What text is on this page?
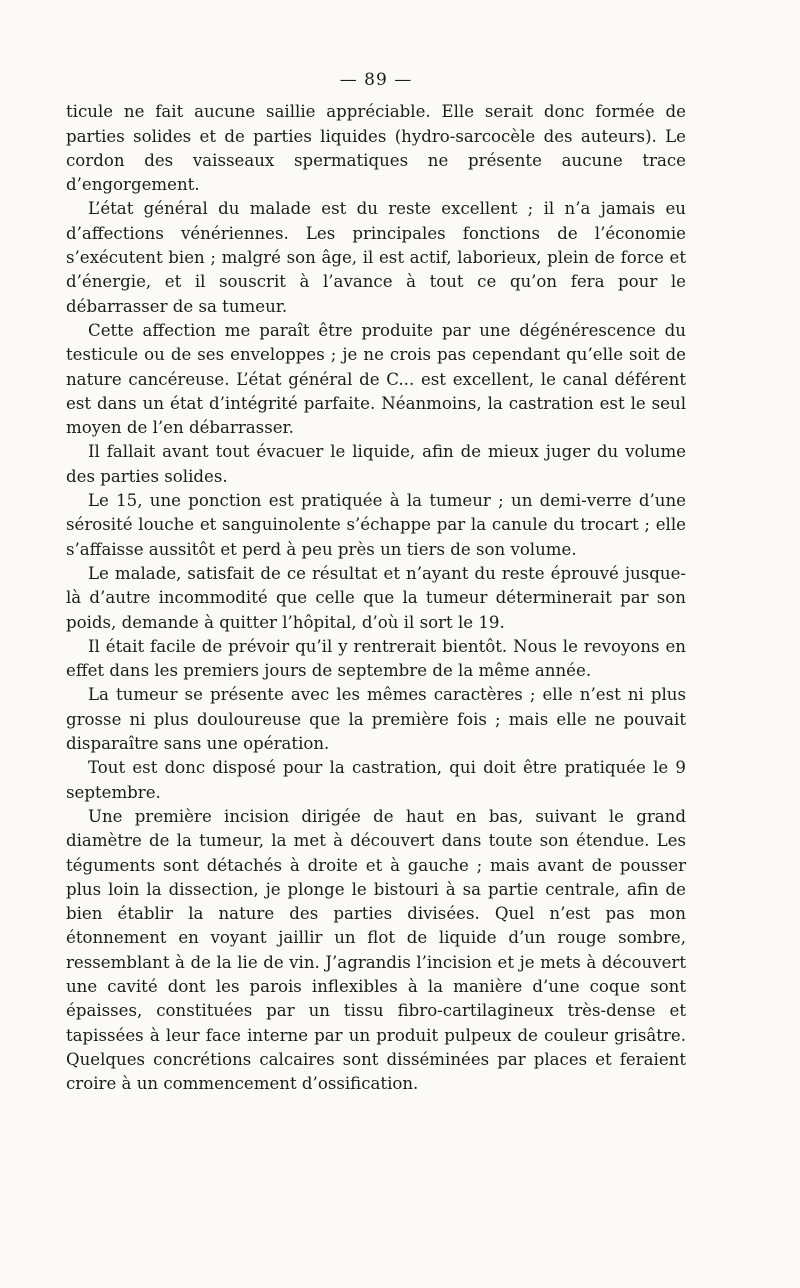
— 89 —

ticule ne fait aucune saillie appréciable. Elle serait donc formée de parties solides et de parties liquides (hydro-sarcocèle des auteurs). Le cordon des vaisseaux spermatiques ne présente aucune trace d’engorgement.

L’état général du malade est du reste excellent ; il n’a jamais eu d’affections vénériennes. Les principales fonctions de l’économie s’exécutent bien ; malgré son âge, il est actif, laborieux, plein de force et d’énergie, et il souscrit à l’avance à tout ce qu’on fera pour le débarrasser de sa tumeur.

Cette affection me paraît être produite par une dégénérescence du testicule ou de ses enveloppes ; je ne crois pas cependant qu’elle soit de nature cancéreuse. L’état général de C... est excellent, le canal déférent est dans un état d’intégrité parfaite. Néanmoins, la castration est le seul moyen de l’en débarrasser.

Il fallait avant tout évacuer le liquide, afin de mieux juger du volume des parties solides.

Le 15, une ponction est pratiquée à la tumeur ; un demi-verre d’une sérosité louche et sanguinolente s’échappe par la canule du trocart ; elle s’affaisse aussitôt et perd à peu près un tiers de son volume.

Le malade, satisfait de ce résultat et n’ayant du reste éprouvé jusque-là d’autre incommodité que celle que la tumeur déterminerait par son poids, demande à quitter l’hôpital, d’où il sort le 19.

Il était facile de prévoir qu’il y rentrerait bientôt. Nous le revoyons en effet dans les premiers jours de septembre de la même année.

La tumeur se présente avec les mêmes caractères ; elle n’est ni plus grosse ni plus douloureuse que la première fois ; mais elle ne pouvait disparaître sans une opération.

Tout est donc disposé pour la castration, qui doit être pratiquée le 9 septembre.

Une première incision dirigée de haut en bas, suivant le grand diamètre de la tumeur, la met à découvert dans toute son étendue. Les téguments sont détachés à droite et à gauche ; mais avant de pousser plus loin la dissection, je plonge le bistouri à sa partie centrale, afin de bien établir la nature des parties divisées. Quel n’est pas mon étonnement en voyant jaillir un flot de liquide d’un rouge sombre, ressemblant à de la lie de vin. J’agrandis l’incision et je mets à découvert une cavité dont les parois inflexibles à la manière d’une coque sont épaisses, constituées par un tissu fibro-cartilagineux très-dense et tapissées à leur face interne par un produit pulpeux de couleur grisâtre. Quelques concrétions calcaires sont disséminées par places et feraient croire à un commencement d’ossification.
